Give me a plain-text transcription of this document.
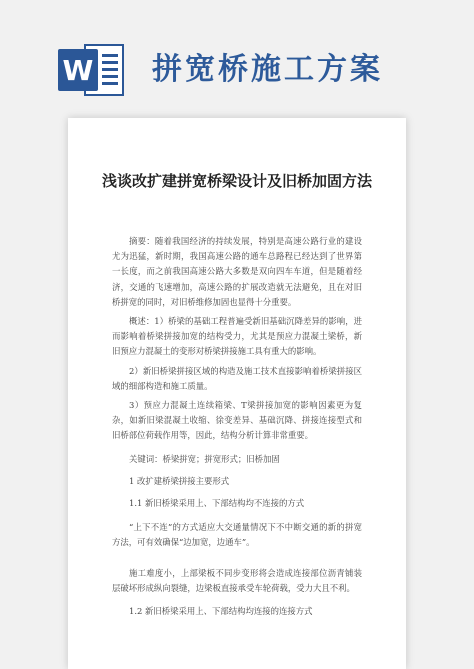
W 拼宽桥施工方案
浅谈改扩建拼宽桥梁设计及旧桥加固方法

摘要：随着我国经济的持续发展，特别是高速公路行业的建设尤为迅猛，新时期，我国高速公路的通车总路程已经达到了世界第一长度，而之前我国高速公路大多数是双向四车车道，但是随着经济，交通的飞速增加，高速公路的扩展改造就无法避免，且在对旧桥拼宽的同时，对旧桥维修加固也显得十分重要。

概述：1）桥梁的基础工程普遍受新旧基础沉降差异的影响，进而影响着桥梁拼接加宽的结构受力，尤其是预应力混凝土梁桥，新旧预应力混凝土的变形对桥梁拼接施工具有重大的影响。

2）新旧桥梁拼接区域的构造及施工技术直接影响着桥梁拼接区域的细部构造和施工质量。

3）预应力混凝土连续箱梁、T梁拼接加宽的影响因素更为复杂，如新旧梁混凝土收缩、徐变差异、基础沉降、拼接连接型式和旧桥部位荷载作用等，因此，结构分析计算非常重要。

关键词：桥梁拼宽；拼宽形式；旧桥加固

1 改扩建桥梁拼接主要形式

1.1 新旧桥梁采用上、下部结构均不连接的方式

“上下不连”的方式适应大交通量情况下不中断交通的新的拼宽方法，可有效确保“边加宽，边通车”。

施工难度小，上部梁板不同步变形将会造成连接部位沥青铺装层破坏形成纵向裂缝，边梁板直接承受车轮荷载，受力大且不利。

1.2 新旧桥梁采用上、下部结构均连接的连接方式
